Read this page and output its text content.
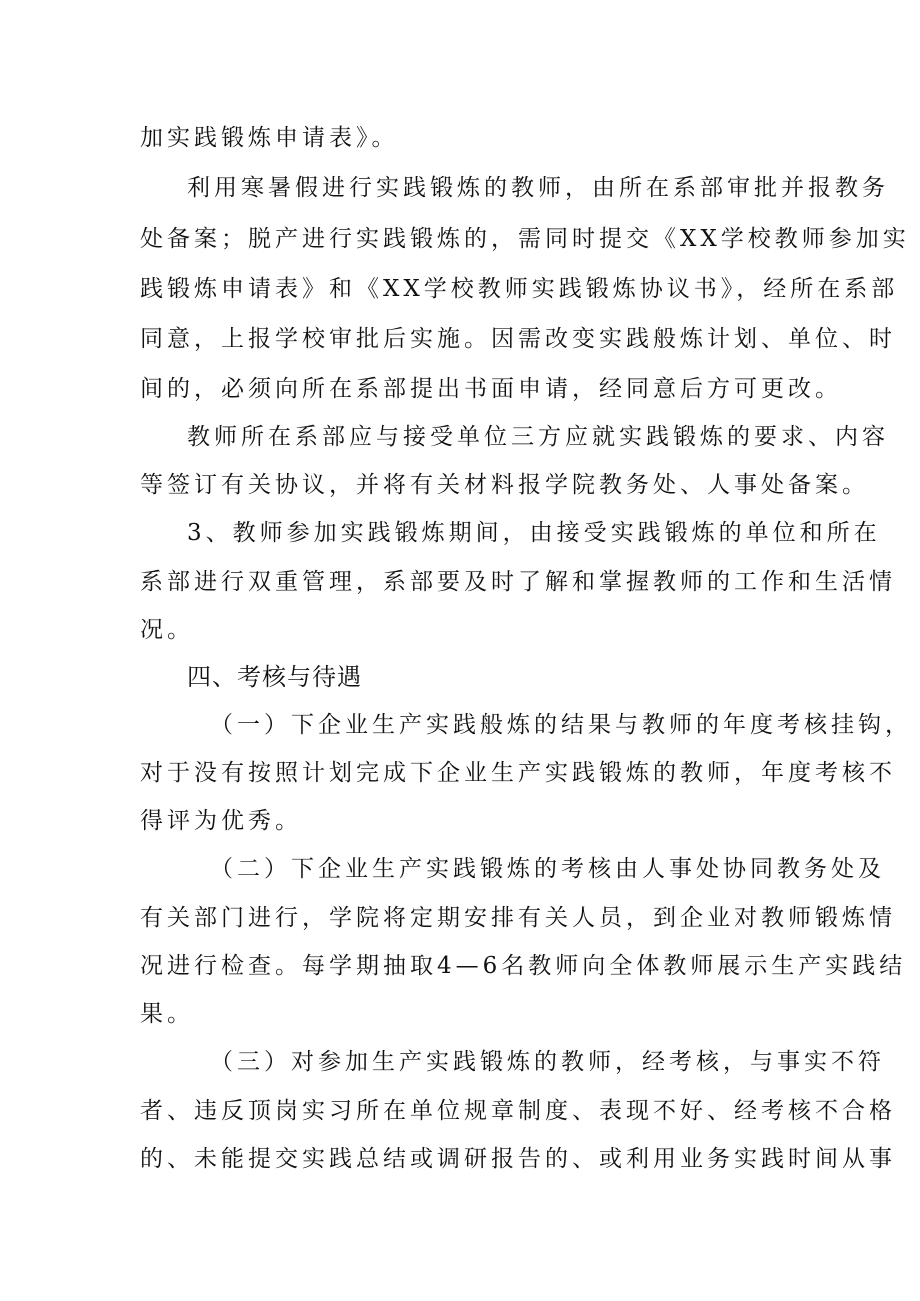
加实践锻炼申请表》。
利用寒暑假进行实践锻炼的教师，由所在系部审批并报教务
处备案；脱产进行实践锻炼的，需同时提交《XX学校教师参加实
践锻炼申请表》和《XX学校教师实践锻炼协议书》，经所在系部
同意，上报学校审批后实施。因需改变实践般炼计划、单位、时
间的，必须向所在系部提出书面申请，经同意后方可更改。
教师所在系部应与接受单位三方应就实践锻炼的要求、内容
等签订有关协议，并将有关材料报学院教务处、人事处备案。
3、教师参加实践锻炼期间，由接受实践锻炼的单位和所在
系部进行双重管理，系部要及时了解和掌握教师的工作和生活情
况。
四、考核与待遇
（一）下企业生产实践般炼的结果与教师的年度考核挂钩，
对于没有按照计划完成下企业生产实践锻炼的教师，年度考核不
得评为优秀。
（二）下企业生产实践锻炼的考核由人事处协同教务处及
有关部门进行，学院将定期安排有关人员，到企业对教师锻炼情
况进行检查。每学期抽取4—6名教师向全体教师展示生产实践结
果。
（三）对参加生产实践锻炼的教师，经考核，与事实不符
者、违反顶岗实习所在单位规章制度、表现不好、经考核不合格
的、未能提交实践总结或调研报告的、或利用业务实践时间从事
